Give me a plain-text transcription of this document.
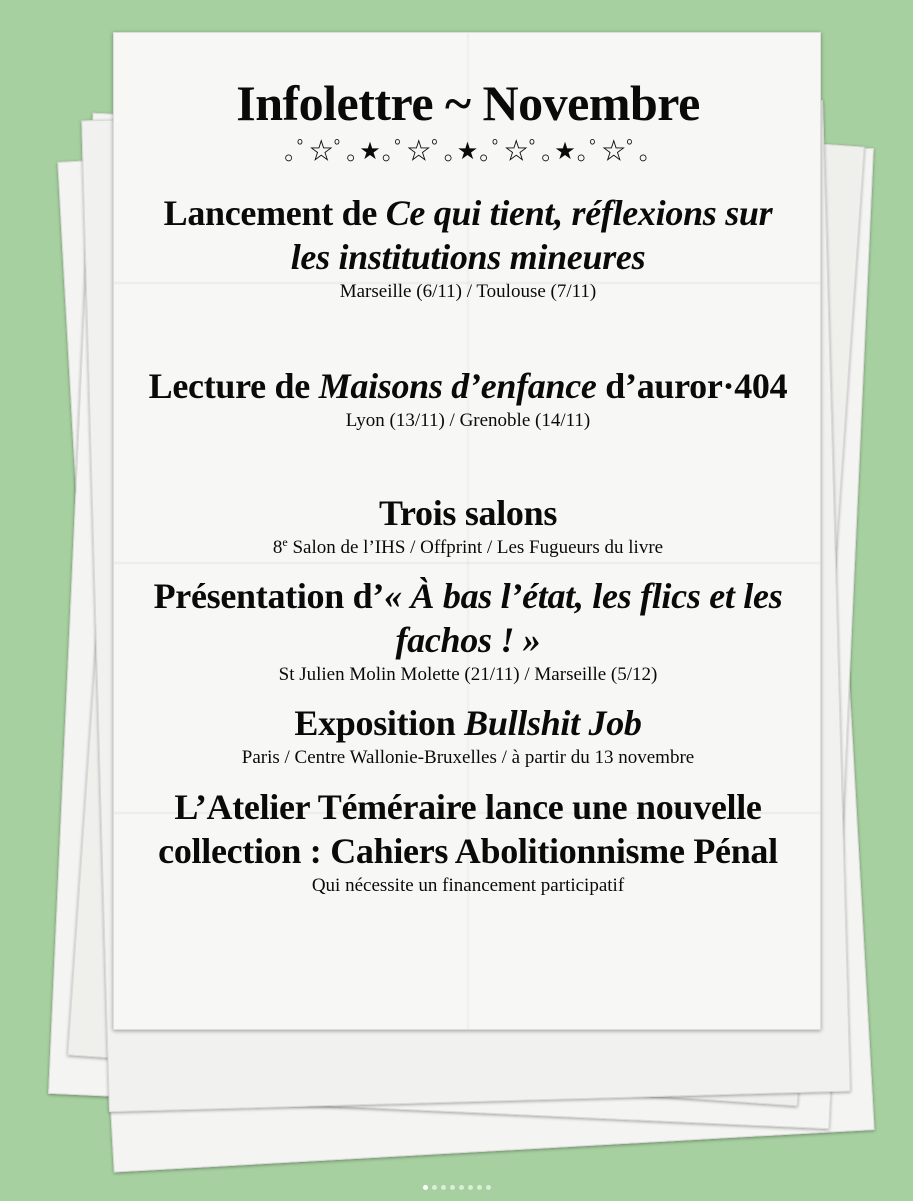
Infolettre ~ Novembre
｡ﾟ☆ﾟ｡★｡ﾟ☆ﾟ｡★｡ﾟ☆ﾟ｡★｡ﾟ☆ﾟ｡
Lancement de Ce qui tient, réflexions sur les institutions mineures
Marseille (6/11) / Toulouse (7/11)
Lecture de Maisons d’enfance d’auror·404
Lyon (13/11) / Grenoble (14/11)
Trois salons
8e Salon de l’IHS / Offprint / Les Fugueurs du livre
Présentation d’« À bas l’état, les flics et les fachos ! »
St Julien Molin Molette (21/11) / Marseille (5/12)
Exposition Bullshit Job
Paris / Centre Wallonie-Bruxelles / à partir du 13 novembre
L’Atelier Téméraire lance une nouvelle collection : Cahiers Abolitionnisme Pénal
Qui nécessite un financement participatif
